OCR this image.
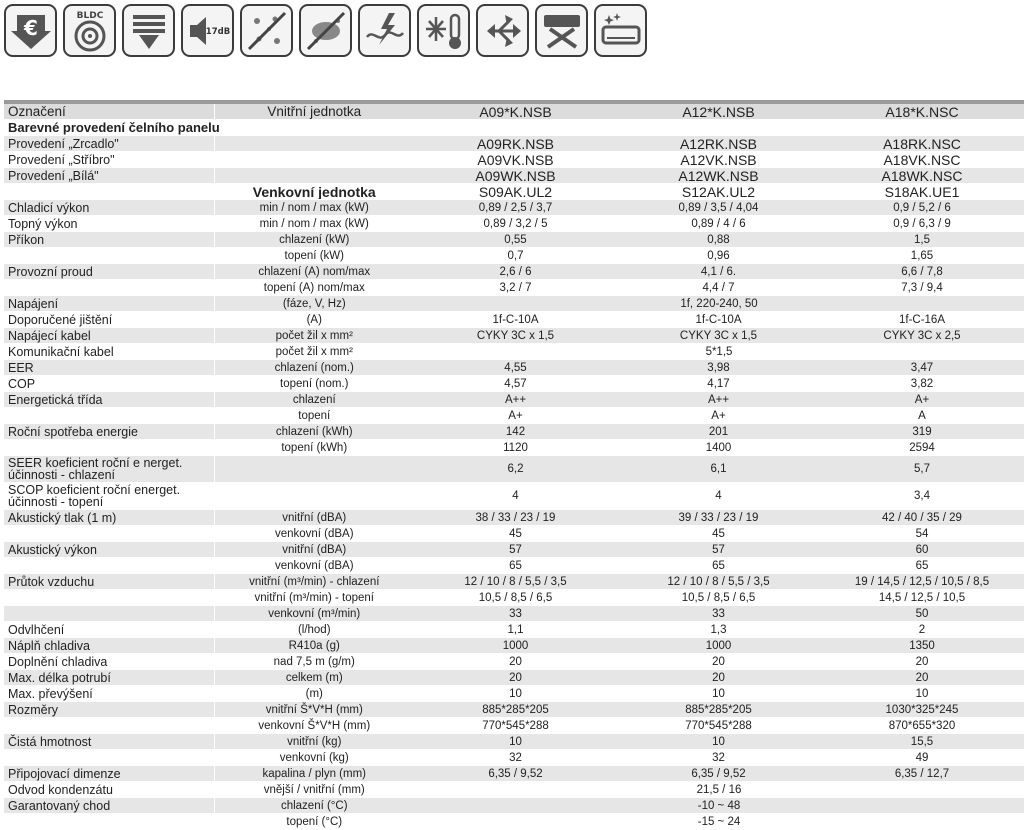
€	BLDC
17dB
Označení	Vnitřní jednotka	A09*K.NSB	A12*K.NSB	A18*K.NSC
Barevné provedení čelního panelu				
Provedení „Zrcadlo"		A09RK.NSB	A12RK.NSB	A18RK.NSC
Provedení „Stříbro"		A09VK.NSB	A12VK.NSB	A18VK.NSC
Provedení „Bílá"		A09WK.NSB	A12WK.NSB	A18WK.NSC
	Venkovní jednotka	S09AK.UL2	S12AK.UL2	S18AK.UE1
Chladicí výkon	min / nom / max (kW)	0,89 / 2,5 / 3,7	0,89 / 3,5 / 4,04	0,9 / 5,2 / 6
Topný výkon	min / nom / max (kW)	0,89 / 3,2 / 5	0,89 / 4 / 6	0,9 / 6,3 / 9
Příkon	chlazení (kW)	0,55	0,88	1,5
	topení (kW)	0,7	0,96	1,65
Provozní proud	chlazení (A) nom/max	2,6 / 6	4,1 / 6.	6,6 / 7,8
	topení (A) nom/max	3,2 / 7	4,4 / 7	7,3 / 9,4
Napájení	(fáze, V, Hz)	1f, 220-240, 50		
Doporučené jištění	(A)	1f-C-10A	1f-C-10A	1f-C-16A
Napájecí kabel	počet žil x mm²	CYKY 3C x 1,5	CYKY 3C x 1,5	CYKY 3C x 2,5
Komunikační kabel	počet žil x mm²	5*1,5		
EER	chlazení (nom.)	4,55	3,98	3,47
COP	topení (nom.)	4,57	4,17	3,82
Energetická třída	chlazení	A++	A++	A+
	topení	A+	A+	A
Roční spotřeba energie	chlazení (kWh)	142	201	319
	topení (kWh)	1120	1400	2594
SEER koeficient roční e nerget. účinnosti - chlazení		6,2	6,1	5,7
SCOP koeficient roční energet. účinnosti - topení		4	4	3,4
Akustický tlak (1 m)	vnitřní (dBA)	38 / 33 / 23 / 19	39 / 33 / 23 / 19	42 / 40 / 35 / 29
	venkovní (dBA)	45	45	54
Akustický výkon	vnitřní (dBA)	57	57	60
	venkovní (dBA)	65	65	65
Průtok vzduchu	vnitřní (m³/min) - chlazení	12 / 10 / 8 / 5,5 / 3,5	12 / 10 / 8 / 5,5 / 3,5	19 / 14,5 / 12,5 / 10,5 / 8,5
	vnitřní (m³/min) - topení	10,5 / 8,5 / 6,5	10,5 / 8,5 / 6,5	14,5 / 12,5 / 10,5
	venkovní (m³/min)	33	33	50
Odvlhčení	(l/hod)	1,1	1,3	2
Náplň chladiva	R410a (g)	1000	1000	1350
Doplnění chladiva	nad 7,5 m (g/m)	20	20	20
Max. délka potrubí	celkem (m)	20	20	20
Max. převýšení	(m)	10	10	10
Rozměry	vnitřní Š*V*H (mm)	885*285*205	885*285*205	1030*325*245
	venkovní Š*V*H (mm)	770*545*288	770*545*288	870*655*320
Čistá hmotnost	vnitřní (kg)	10	10	15,5
	venkovní (kg)	32	32	49
Připojovací dimenze	kapalina / plyn (mm)	6,35 / 9,52	6,35 / 9,52	6,35 / 12,7
Odvod kondenzátu	vnější / vnitřní (mm)	21,5 / 16		
Garantovaný chod	chlazení (°C)	-10 ~ 48		
	topení (°C)	-15 ~ 24		
